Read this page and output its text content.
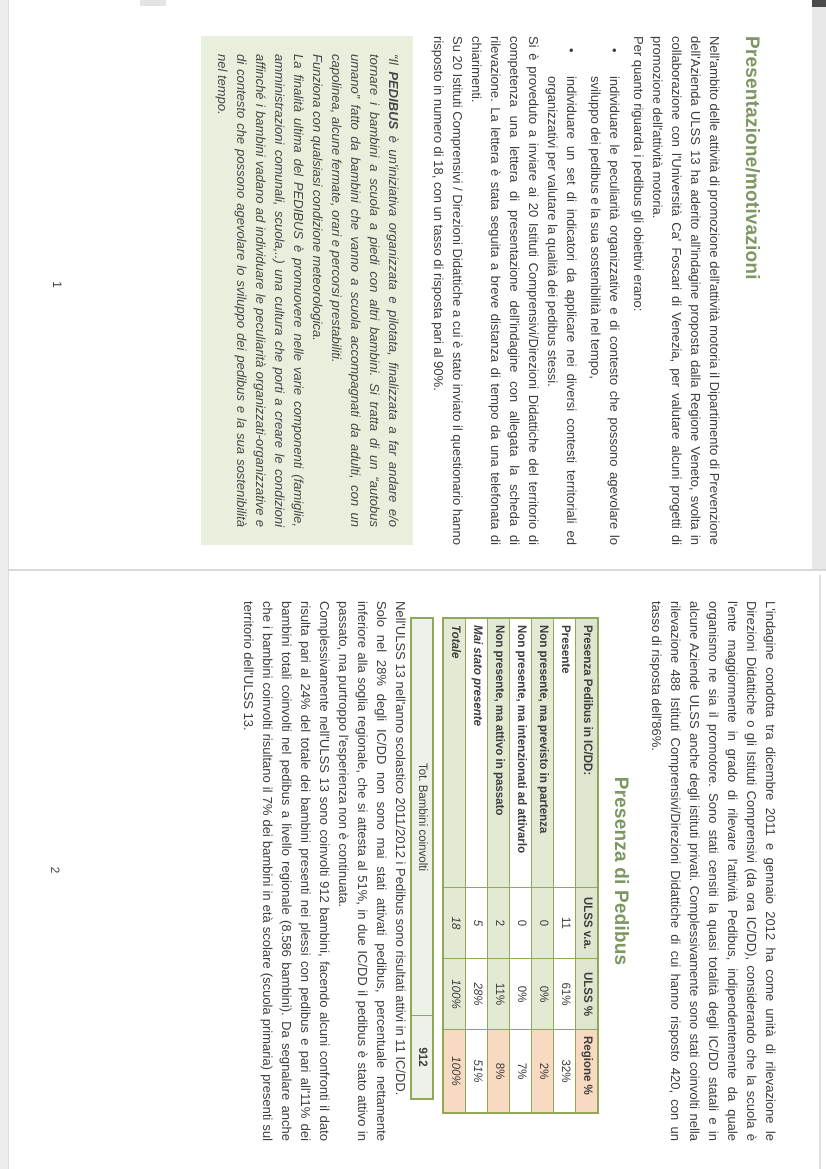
Presentazione/motivazioni

Nell'ambito delle attività di promozione dell'attività motoria il Dipartimento di Prevenzione dell'Azienda ULSS 13 ha aderito all'indagine proposta dalla Regione Veneto, svolta in collaborazione con l'Università Ca' Foscari di Venezia, per valutare alcuni progetti di promozione dell'attività motoria.

Per quanto riguarda i pedibus gli obiettivi erano:

•
individuare le peculiarità organizzative e di contesto che possono agevolare lo sviluppo dei pedibus e la sua sostenibilità nel tempo,
•
individuare un set di indicatori da applicare nei diversi contesti territoriali ed organizzativi per valutare la qualità dei pedibus stessi.

Si è proveduto a inviare ai 20 Istituti Comprensivi/Direzioni Didattiche del territorio di competenza una lettera di presentazione dell'indagine con allegata la scheda di rilevazione. La lettera è stata seguita a breve distanza di tempo da una telefonata di chiarimenti.

Su 20 Istituti Comprensivi / Direzioni Didattiche a cui è stato inviato il questionario hanno risposto in numero di 18, con un tasso di risposta pari al 90%.

“Il PEDIBUS è un'iniziativa organizzata e pilotata, finalizzata a far andare e/o tornare i bambini a scuola a piedi con altri bambini. Si tratta di un “autobus umano” fatto da bambini che vanno a scuola accompagnati da adulti, con un capolinea, alcune fermate, orari e percorsi prestabiliti.

Funziona con qualsiasi condizione meteorologica.

La finalità ultima del PEDIBUS è promuovere nelle varie componenti (famiglie, amministrazioni comunali, scuola,..) una cultura che porti a creare le condizioni affinché i bambini vadano ad individuare le peculiarità organizzati-organizzative e di contesto che possono agevolare lo sviluppo dei pedibus e la sua sostenibilità nel tempo.

1

L'indagine condotta tra dicembre 2011 e gennaio 2012 ha come unità di rilevazione le Direzioni Didattiche o gli Istituti Comprensivi (da ora IC/DD), considerando che la scuola è l'ente maggiormente in grado di rilevare l'attività Pedibus, indipendentemente da quale organismo ne sia il promotore. Sono stati censiti la quasi totalità degli IC/DD statali e in alcune Aziende ULSS anche degli istituti privati. Complessivamente sono stati coinvolti nella rilevazione 488 Istituti Comprensivi/Direzioni Didattiche di cui hanno risposto 420, con un tasso di risposta dell'86%.

Presenza di Pedibus
Presenza Pedibus in IC/DD:	ULSS v.a.	ULSS %	Regione %
Presente	11	61%	32%
Non presente, ma previsto in partenza	0	0%	2%
Non presente, ma intenzionati ad attivarlo	0	0%	7%
Non presente, ma attivo in passato	2	11%	8%
Mai stato presente	5	28%	51%
Totale	18	100%	100%
Tot. Bambini coinvolti	912

Nell'ULSS 13 nell'anno scolastico 2011/2012 i Pedibus sono risultati attivi in 11 IC/DD.

Solo nel 28% degli IC/DD non sono mai stati attivati pedibus, percentuale nettamente inferiore alla soglia regionale, che si attesta al 51%, in due IC/DD il pedibus è stato attivo in passato, ma purtroppo l'esperienza non è continuata.

Complessivamente nell'ULSS 13 sono coinvolti 912 bambini, facendo alcuni confronti il dato risulta pari al 24% del totale dei bambini presenti nei plessi con pedibus e pari all'11% dei bambini totali coinvolti nel pedibus a livello regionale (8.586 bambini). Da segnalare anche che i bambini coinvolti risultano il 7% dei bambini in età scolare (scuola primaria) presenti sul territorio dell'ULSS 13.

2
